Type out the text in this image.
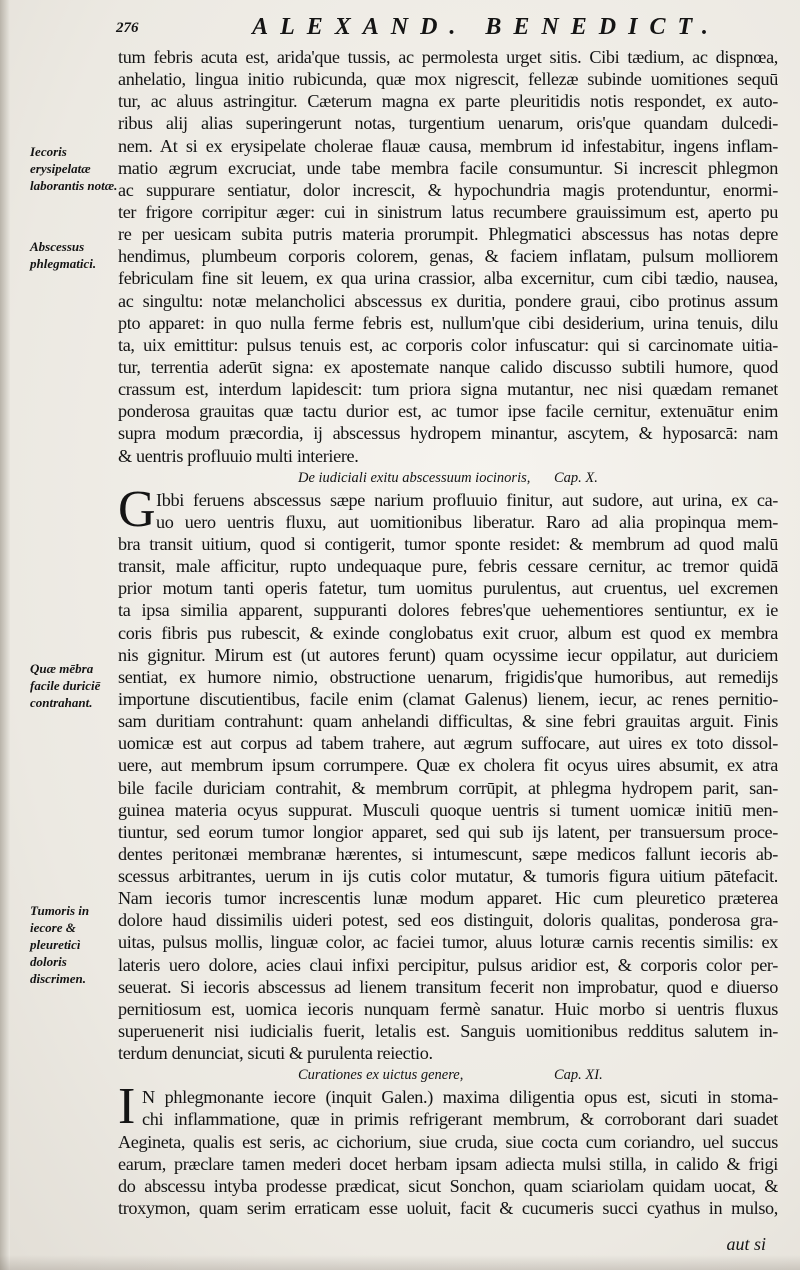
276	ALEXAND. BENEDICT.
Iecoris erysipelatæ laborantis notæ.
Abscessus phlegmatici.
Quæ mēbra facile duriciē contrahant.
Tumoris in iecore & pleureticì doloris discrimen.

tum febris acuta est, arida'que tussis, ac permolesta urget sitis. Cibi tædium, ac dispnœa,
anhelatio, lingua initio rubicunda, quæ mox nigrescit, fellezæ subinde uomitiones sequū
tur, ac aluus astringitur. Cæterum magna ex parte pleuritidis notis respondet, ex auto-
ribus alij alias superingerunt notas, turgentium uenarum, oris'que quandam dulcedi-
nem. At si ex erysipelate cholerae flauæ causa, membrum id infestabitur, ingens inflam-
matio ægrum excruciat, unde tabe membra facile consumuntur. Si increscit phlegmon
ac suppurare sentiatur, dolor increscit, & hypochundria magis protenduntur, enormi-
ter frigore corripitur æger: cui in sinistrum latus recumbere grauissimum est, aperto pu
re per uesicam subita putris materia prorumpit. Phlegmatici abscessus has notas depre
hendimus, plumbeum corporis colorem, genas, & faciem inflatam, pulsum molliorem
febriculam fine sit leuem, ex qua urina crassior, alba excernitur, cum cibi tædio, nausea,
ac singultu: notæ melancholici abscessus ex duritia, pondere graui, cibo protinus assum
pto apparet: in quo nulla ferme febris est, nullum'que cibi desiderium, urina tenuis, dilu
ta, uix emittitur: pulsus tenuis est, ac corporis color infuscatur: qui si carcinomate uitia-
tur, terrentia aderūt signa: ex apostemate nanque calido discusso subtili humore, quod
crassum est, interdum lapidescit: tum priora signa mutantur, nec nisi quædam remanet
ponderosa grauitas quæ tactu durior est, ac tumor ipse facile cernitur, extenuātur enim
supra modum præcordia, ij abscessus hydropem minantur, ascytem, & hyposarcā: nam
& uentris profluuio multi interiere.
De iudiciali exitu abscessuum iocinoris, Cap. X.
G Ibbi feruens abscessus sæpe narium profluuio finitur, aut sudore, aut urina, ex ca-
uo uero uentris fluxu, aut uomitionibus liberatur. Raro ad alia propinqua mem-
bra transit uitium, quod si contigerit, tumor sponte residet: & membrum ad quod malū
transit, male afficitur, rupto undequaque pure, febris cessare cernitur, ac tremor quidā
prior motum tanti operis fatetur, tum uomitus purulentus, aut cruentus, uel excremen
ta ipsa similia apparent, suppuranti dolores febres'que uehementiores sentiuntur, ex ie
coris fibris pus rubescit, & exinde conglobatus exit cruor, album est quod ex membra
nis gignitur. Mirum est (ut autores ferunt) quam ocyssime iecur oppilatur, aut duriciem
sentiat, ex humore nimio, obstructione uenarum, frigidis'que humoribus, aut remedijs
importune discutientibus, facile enim (clamat Galenus) lienem, iecur, ac renes pernitio-
sam duritiam contrahunt: quam anhelandi difficultas, & sine febri grauitas arguit. Finis
uomicæ est aut corpus ad tabem trahere, aut ægrum suffocare, aut uires ex toto dissol-
uere, aut membrum ipsum corrumpere. Quæ ex cholera fit ocyus uires absumit, ex atra
bile facile duriciam contrahit, & membrum corrūpit, at phlegma hydropem parit, san-
guinea materia ocyus suppurat. Musculi quoque uentris si tument uomicæ initiū men-
tiuntur, sed eorum tumor longior apparet, sed qui sub ijs latent, per transuersum proce-
dentes peritonæi membranæ hærentes, si intumescunt, sæpe medicos fallunt iecoris ab-
scessus arbitrantes, uerum in ijs cutis color mutatur, & tumoris figura uitium pātefacit.
Nam iecoris tumor increscentis lunæ modum apparet. Hic cum pleuretico præterea
dolore haud dissimilis uideri potest, sed eos distinguit, doloris qualitas, ponderosa gra-
uitas, pulsus mollis, linguæ color, ac faciei tumor, aluus loturæ carnis recentis similis: ex
lateris uero dolore, acies claui infixi percipitur, pulsus aridior est, & corporis color per-
seuerat. Si iecoris abscessus ad lienem transitum fecerit non improbatur, quod e diuerso
pernitiosum est, uomica iecoris nunquam fermè sanatur. Huic morbo si uentris fluxus
superuenerit nisi iudicialis fuerit, letalis est. Sanguis uomitionibus redditus salutem in-
terdum denunciat, sicuti & purulenta reiectio.
Curationes ex uictus genere,	Cap. XI.
I N phlegmonante iecore (inquit Galen.) maxima diligentia opus est, sicuti in stoma-
chi inflammatione, quæ in primis refrigerant membrum, & corroborant dari suadet
Aegineta, qualis est seris, ac cichorium, siue cruda, siue cocta cum coriandro, uel succus
earum, præclare tamen mederi docet herbam ipsam adiecta mulsi stilla, in calido & frigi
do abscessu intyba prodesse prædicat, sicut Sonchon, quam sciariolam quidam uocat, &
troxymon, quam serim erraticam esse uoluit, facit & cucumeris succi cyathus in mulso,
aut si
